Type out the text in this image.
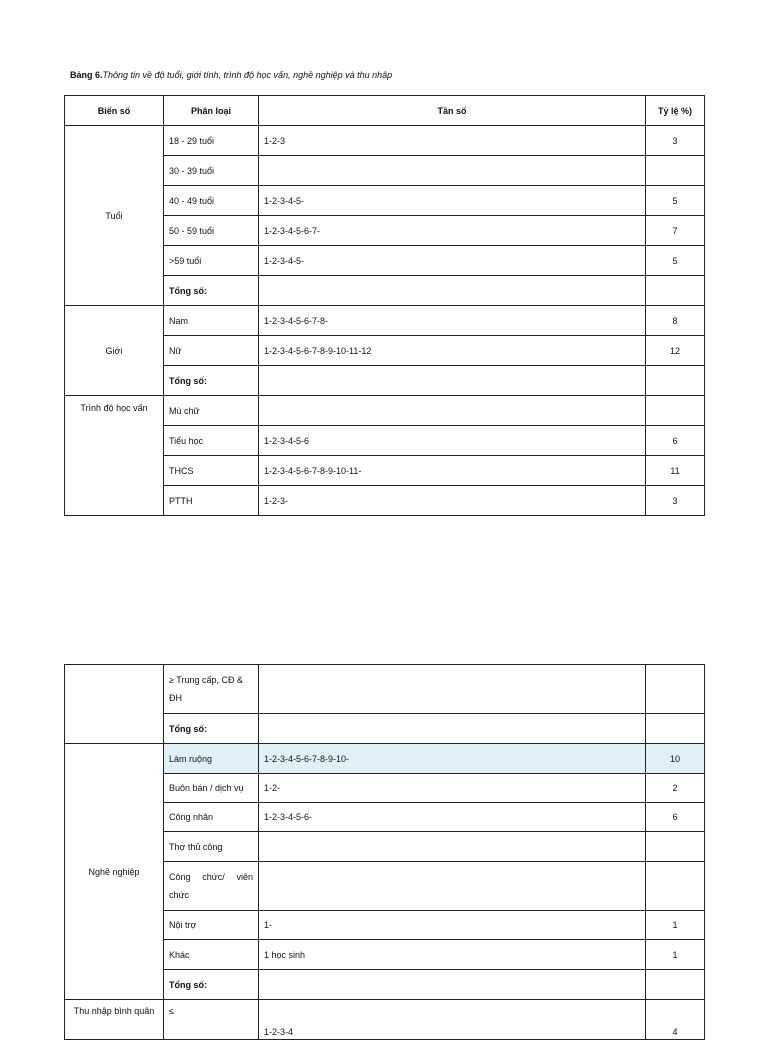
Bảng 6.Thông tin về độ tuổi, giới tính, trình độ học vấn, nghề nghiệp và thu nhập
Biến số	Phân loại	Tần số	Tỷ lệ %)
Tuổi	18 - 29 tuổi	1-2-3	3
	30 - 39 tuổi		
	40 - 49 tuổi	1-2-3-4-5-	5
	50 - 59 tuổi	1-2-3-4-5-6-7-	7
	>59 tuổi	1-2-3-4-5-	5
	Tổng số:		
Giới	Nam	1-2-3-4-5-6-7-8-	8
	Nữ	1-2-3-4-5-6-7-8-9-10-11-12	12
	Tổng số:		
Trình độ học vấn	Mù chữ		
	Tiểu học	1-2-3-4-5-6	6
	THCS	1-2-3-4-5-6-7-8-9-10-11-	11
	PTTH	1-2-3-	3
	≥ Trung cấp, CĐ & ĐH		
	Tổng số:		
Nghề nghiệp	Làm ruộng	1-2-3-4-5-6-7-8-9-10-	10
	Buôn bán / dịch vụ	1-2-	2
	Công nhân	1-2-3-4-5-6-	6
	Thợ thủ công		
	Công chức/ viên chức		
	Nội trợ	1-	1
	Khác	1 học sinh	1
	Tổng số:		
Thu nhập bình quân	≤	1-2-3-4	4
